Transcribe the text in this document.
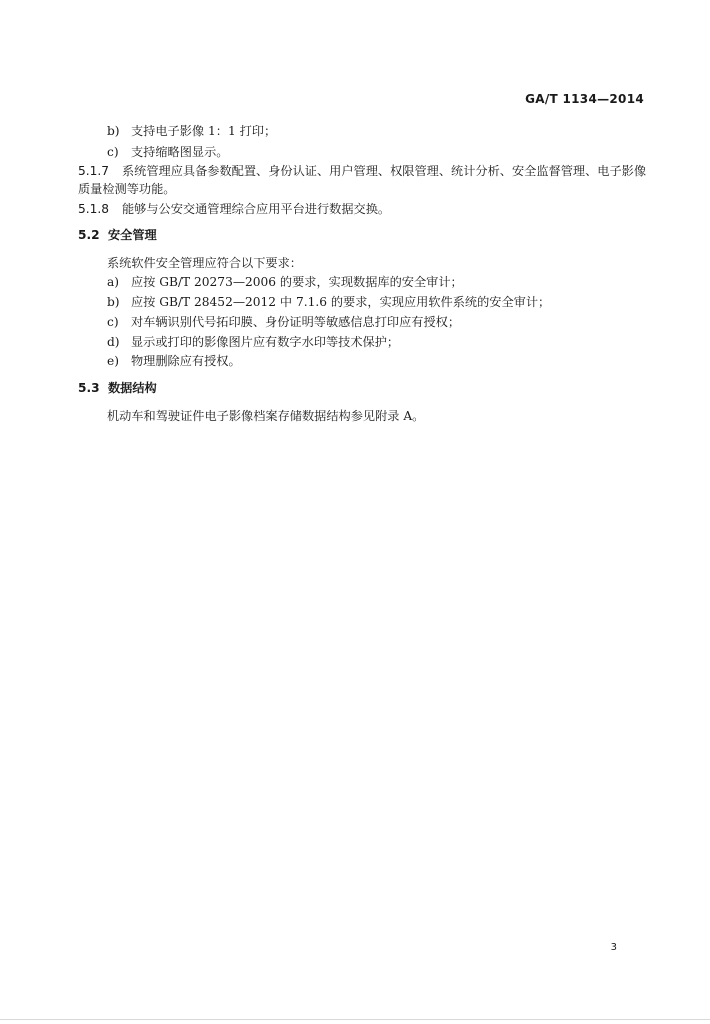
GA/T 1134—2014
b) 支持电子影像 1：1 打印；
c) 支持缩略图显示。
5.1.7 系统管理应具备参数配置、身份认证、用户管理、权限管理、统计分析、安全监督管理、电子影像
质量检测等功能。
5.1.8 能够与公安交通管理综合应用平台进行数据交换。
5.2 安全管理
系统软件安全管理应符合以下要求：
a) 应按 GB/T 20273—2006 的要求，实现数据库的安全审计；
b) 应按 GB/T 28452—2012 中 7.1.6 的要求，实现应用软件系统的安全审计；
c) 对车辆识别代号拓印膜、身份证明等敏感信息打印应有授权；
d) 显示或打印的影像图片应有数字水印等技术保护；
e) 物理删除应有授权。
5.3 数据结构
机动车和驾驶证件电子影像档案存储数据结构参见附录 A。
3
